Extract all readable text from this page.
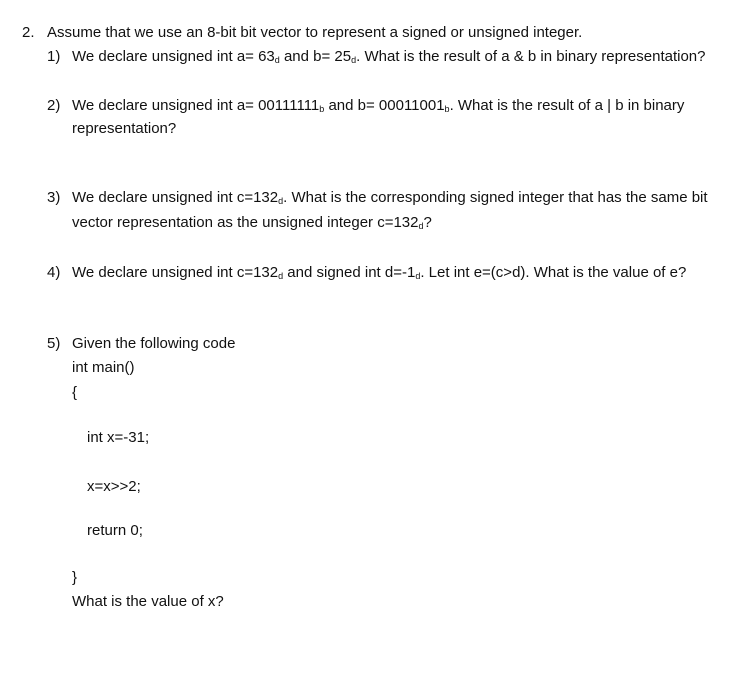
2. Assume that we use an 8-bit bit vector to represent a signed or unsigned integer.
1) We declare unsigned int $a= 63_d$ and $b= 25_d$. What is the result of a & b in binary representation?
2) We declare unsigned int $a= 00111111_b$ and $b= 00011001_b$. What is the result of a | b in binary
representation?
3) We declare unsigned int $c=132_d$. What is the corresponding signed integer that has the same bit
vector representation as the unsigned integer $c=132_d$?
4) We declare unsigned int $c=132_d$ and signed int $d=-1_d$. Let int e=(c>d). What is the value of e?
5) Given the following code
int main()
{
int x=-31;
x=x>>2;
return 0;
}
What is the value of x?
